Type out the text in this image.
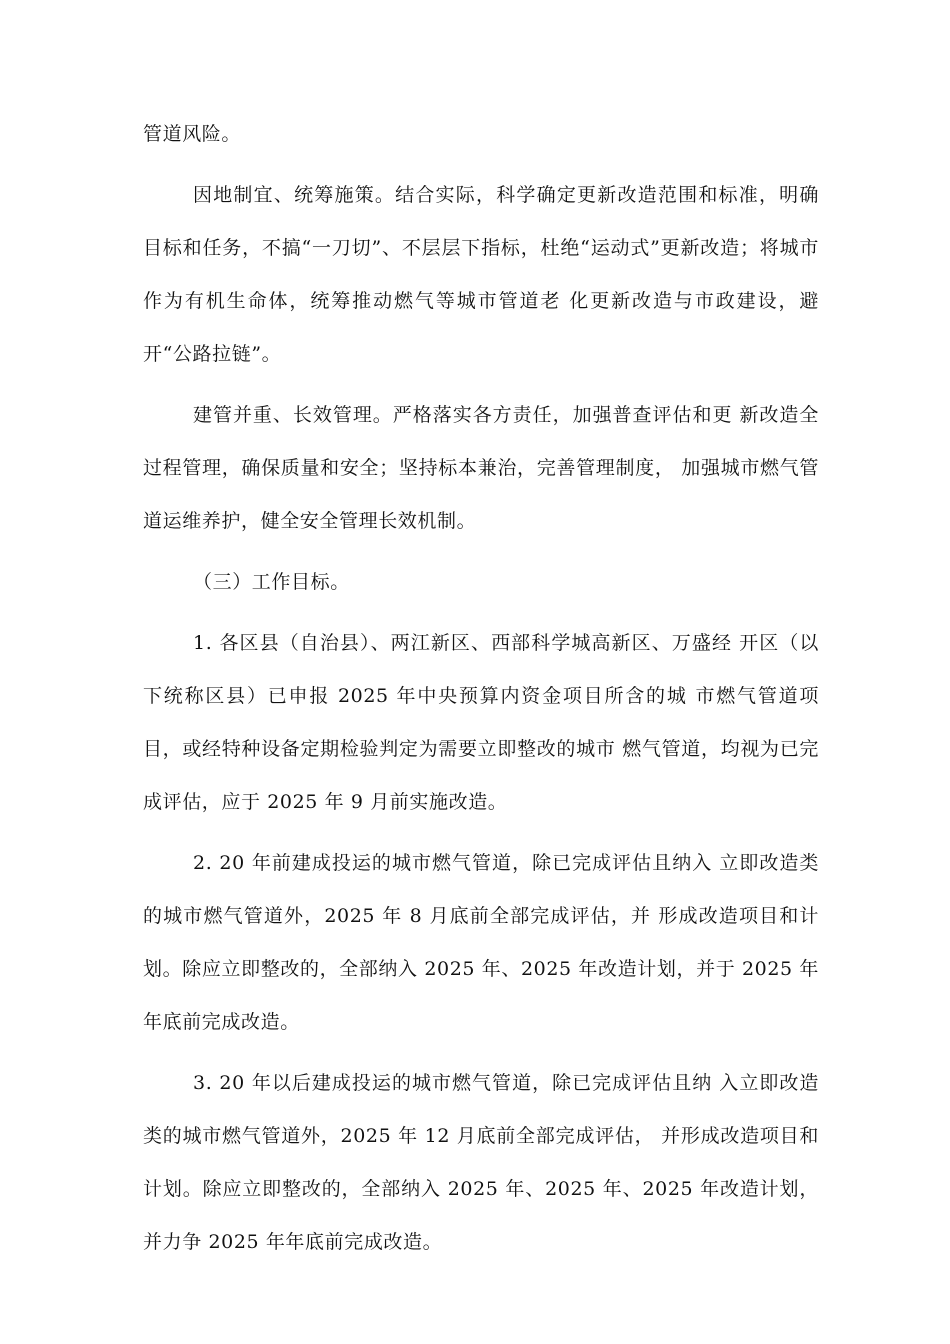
管道风险。

因地制宜、统筹施策。结合实际，科学确定更新改造范围和标准，明确目标和任务，不搞“一刀切”、不层层下指标，杜绝“运动式”更新改造；将城市作为有机生命体，统筹推动燃气等城市管道老 化更新改造与市政建设，避开“公路拉链”。

建管并重、长效管理。严格落实各方责任，加强普查评估和更 新改造全过程管理，确保质量和安全；坚持标本兼治，完善管理制度， 加强城市燃气管道运维养护，健全安全管理长效机制。

（三）工作目标。

1. 各区县（自治县）、两江新区、西部科学城高新区、万盛经 开区（以下统称区县）已申报 2025 年中央预算内资金项目所含的城 市燃气管道项目，或经特种设备定期检验判定为需要立即整改的城市 燃气管道，均视为已完成评估，应于 2025 年 9 月前实施改造。

2. 20 年前建成投运的城市燃气管道，除已完成评估且纳入 立即改造类的城市燃气管道外，2025 年 8 月底前全部完成评估，并 形成改造项目和计划。除应立即整改的，全部纳入 2025 年、2025 年改造计划，并于 2025 年年底前完成改造。

3. 20 年以后建成投运的城市燃气管道，除已完成评估且纳 入立即改造类的城市燃气管道外，2025 年 12 月底前全部完成评估， 并形成改造项目和计划。除应立即整改的，全部纳入 2025 年、2025 年、2025 年改造计划，并力争 2025 年年底前完成改造。
